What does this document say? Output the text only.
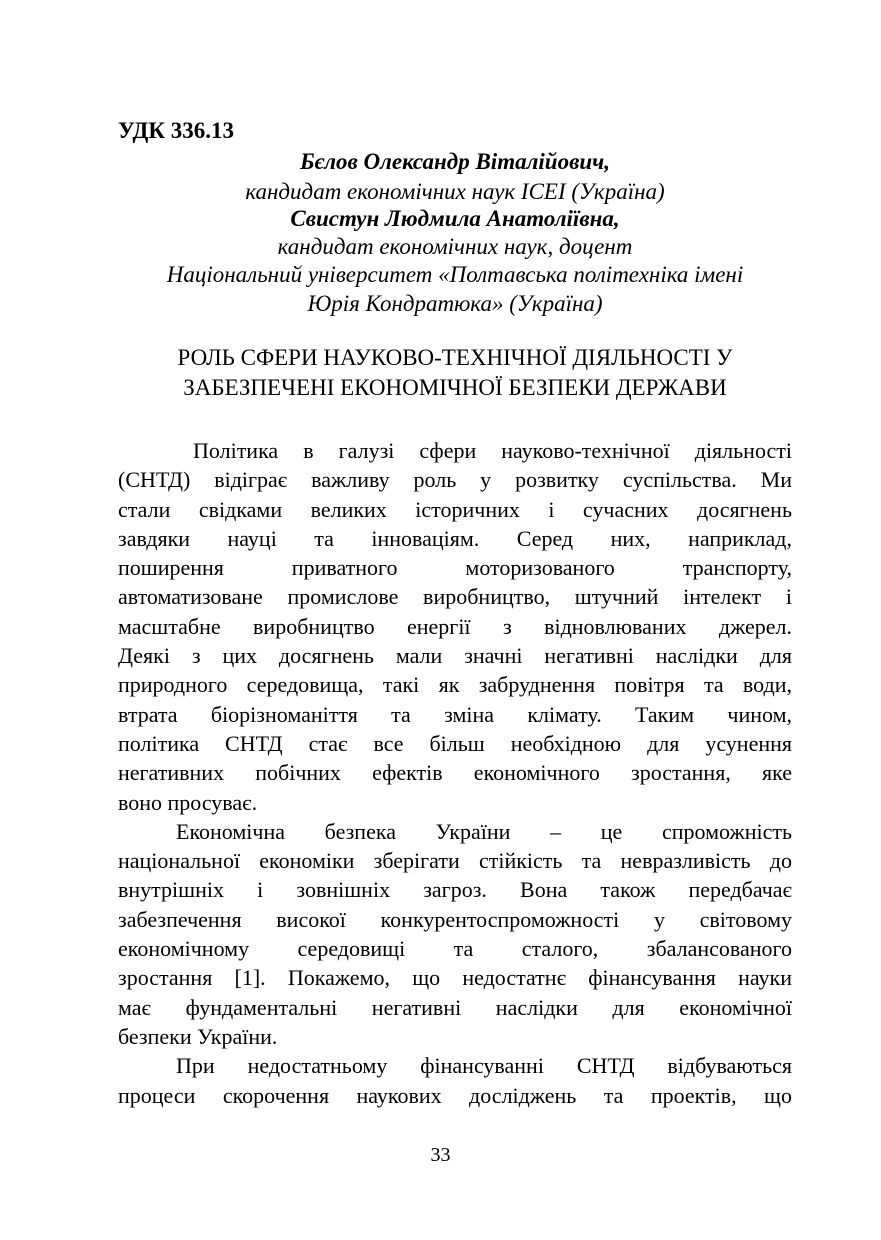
УДК 336.13
Бєлов Олександр Віталійович,
кандидат економічних наук ICEI (Україна)
Свистун Людмила Анатоліївна,
кандидат економічних наук, доцент
Національний університет «Полтавська політехніка імені
Юрія Кондратюка» (Україна)
РОЛЬ СФЕРИ НАУКОВО-ТЕХНІЧНОЇ ДІЯЛЬНОСТІ У
ЗАБЕЗПЕЧЕНІ ЕКОНОМІЧНОЇ БЕЗПЕКИ ДЕРЖАВИ
Політика в галузі сфери науково-технічної діяльності
(СНТД) відіграє важливу роль у розвитку суспільства. Ми
стали свідками великих історичних і сучасних досягнень
завдяки науці та інноваціям. Серед них, наприклад,
поширення приватного моторизованого транспорту,
автоматизоване промислове виробництво, штучний інтелект і
масштабне виробництво енергії з відновлюваних джерел.
Деякі з цих досягнень мали значні негативні наслідки для
природного середовища, такі як забруднення повітря та води,
втрата біорізноманіття та зміна клімату. Таким чином,
політика СНТД стає все більш необхідною для усунення
негативних побічних ефектів економічного зростання, яке
воно просуває.
Економічна безпека України – це спроможність
національної економіки зберігати стійкість та невразливість до
внутрішніх і зовнішніх загроз. Вона також передбачає
забезпечення високої конкурентоспроможності у світовому
економічному середовищі та сталого, збалансованого
зростання [1]. Покажемо, що недостатнє фінансування науки
має фундаментальні негативні наслідки для економічної
безпеки України.
При недостатньому фінансуванні СНТД відбуваються
процеси скорочення наукових досліджень та проектів, що
33
